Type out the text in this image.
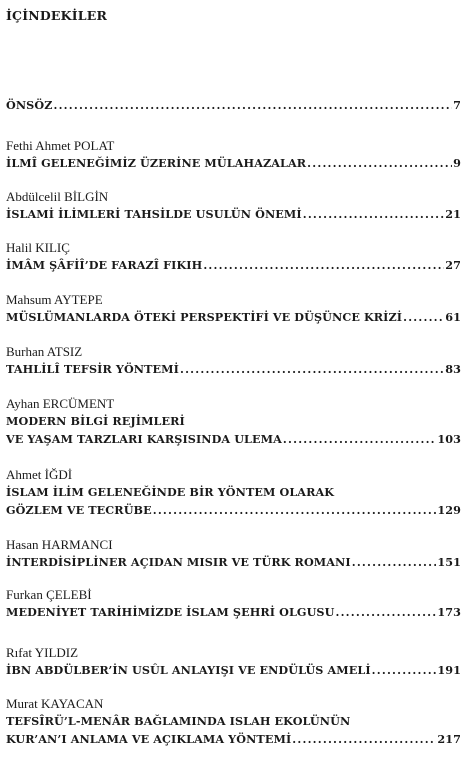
İÇİNDEKİLER
ÖNSÖZ .....	7
Fethi Ahmet POLAT
İLMÎ GELENEĞİMİZ ÜZERİNE MÜLAHAZALAR .....	9
Abdülcelil BİLGİN
İSLAMİ İLİMLERİ TAHSİLDE USULÜN ÖNEMİ .....	21
Halil KILIÇ
İMÂM ŞÂFİÎ’DE FARAZÎ FIKIH .....	27
Mahsum AYTEPE
MÜSLÜMANLARDA ÖTEKİ PERSPEKTİFİ VE DÜŞÜNCE KRİZİ .....	61
Burhan ATSIZ
TAHLİLÎ TEFSİR YÖNTEMİ .....	83
Ayhan ERCÜMENT
MODERN BİLGİ REJİMLERİ
VE YAŞAM TARZLARI KARŞISINDA ULEMA .....	103
Ahmet İĞDİ
İSLAM İLİM GELENEĞİNDE BİR YÖNTEM OLARAK
GÖZLEM VE TECRÜBE .....	129
Hasan HARMANCI
İNTERDİSİPLİNER AÇIDAN MISIR VE TÜRK ROMANI .....	151
Furkan ÇELEBİ
MEDENİYET TARİHİMİZDE İSLAM ŞEHRİ OLGUSU .....	173
Rıfat YILDIZ
İBN ABDÜLBER’İN USÛL ANLAYIŞI VE ENDÜLÜS AMELİ .....	191
Murat KAYACAN
TEFSÎRÜ’L-MENÂR BAĞLAMINDA ISLAH EKOLÜNÜN
KUR’AN’I ANLAMA VE AÇIKLAMA YÖNTEMİ .....	217
